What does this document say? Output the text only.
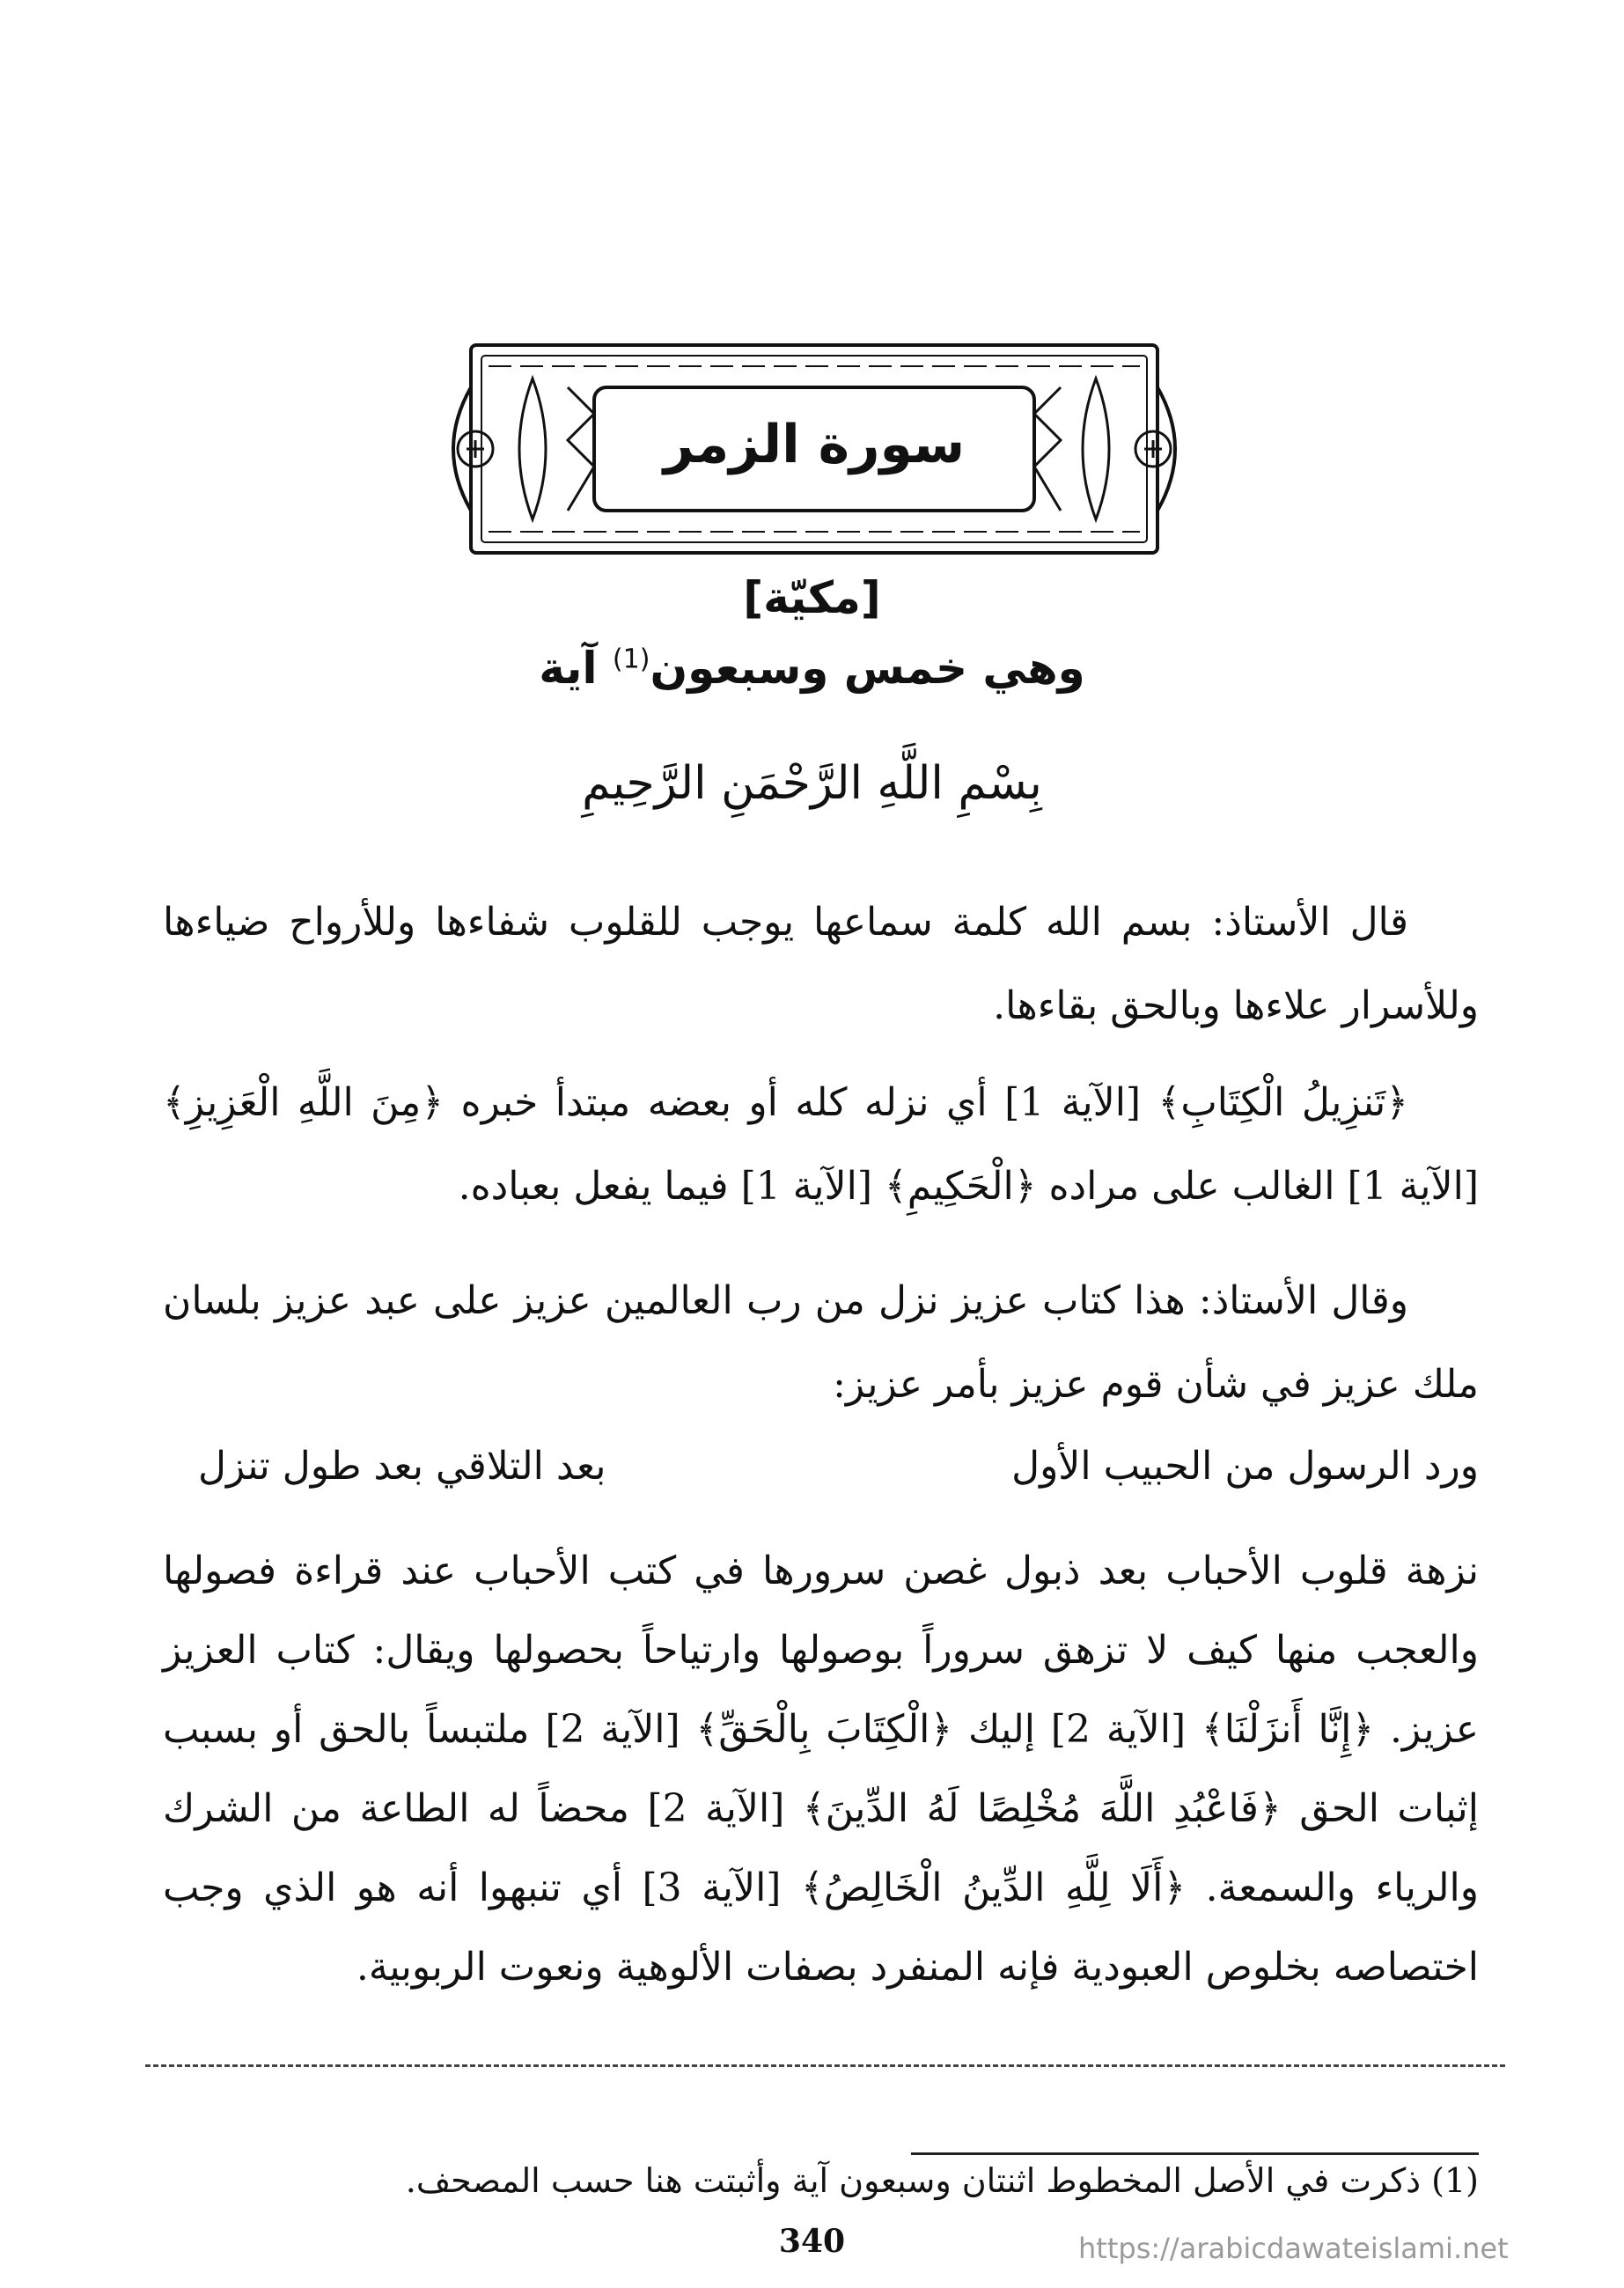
سورة الزمر
[مكيّة]
وهي خمس وسبعون$^{(1)}$ آية
بِسْمِ اللَّهِ الرَّحْمَنِ الرَّحِيمِ
قال الأستاذ: بسم الله كلمة سماعها يوجب للقلوب شفاءها وللأرواح ضياءها وللأسرار علاءها وبالحق بقاءها.
﴿تَنزِيلُ الْكِتَابِ﴾ [الآية 1] أي نزله كله أو بعضه مبتدأ خبره ﴿مِنَ اللَّهِ الْعَزِيزِ﴾ [الآية 1] الغالب على مراده ﴿الْحَكِيمِ﴾ [الآية 1] فيما يفعل بعباده.
وقال الأستاذ: هذا كتاب عزيز نزل من رب العالمين عزيز على عبد عزيز بلسان ملك عزيز في شأن قوم عزيز بأمر عزيز:
ورد الرسول من الحبيب الأول
بعد التلاقي بعد طول تنزل
نزهة قلوب الأحباب بعد ذبول غصن سرورها في كتب الأحباب عند قراءة فصولها والعجب منها كيف لا تزهق سروراً بوصولها وارتياحاً بحصولها ويقال: كتاب العزيز عزيز. ﴿إِنَّا أَنزَلْنَا﴾ [الآية 2] إليك ﴿الْكِتَابَ بِالْحَقِّ﴾ [الآية 2] ملتبساً بالحق أو بسبب إثبات الحق ﴿فَاعْبُدِ اللَّهَ مُخْلِصًا لَهُ الدِّينَ﴾ [الآية 2] محضاً له الطاعة من الشرك والرياء والسمعة. ﴿أَلَا لِلَّهِ الدِّينُ الْخَالِصُ﴾ [الآية 3] أي تنبهوا أنه هو الذي وجب اختصاصه بخلوص العبودية فإنه المنفرد بصفات الألوهية ونعوت الربوبية.
(1) ذكرت في الأصل المخطوط اثنتان وسبعون آية وأثبتت هنا حسب المصحف.
340	https://arabicdawateislami.net
